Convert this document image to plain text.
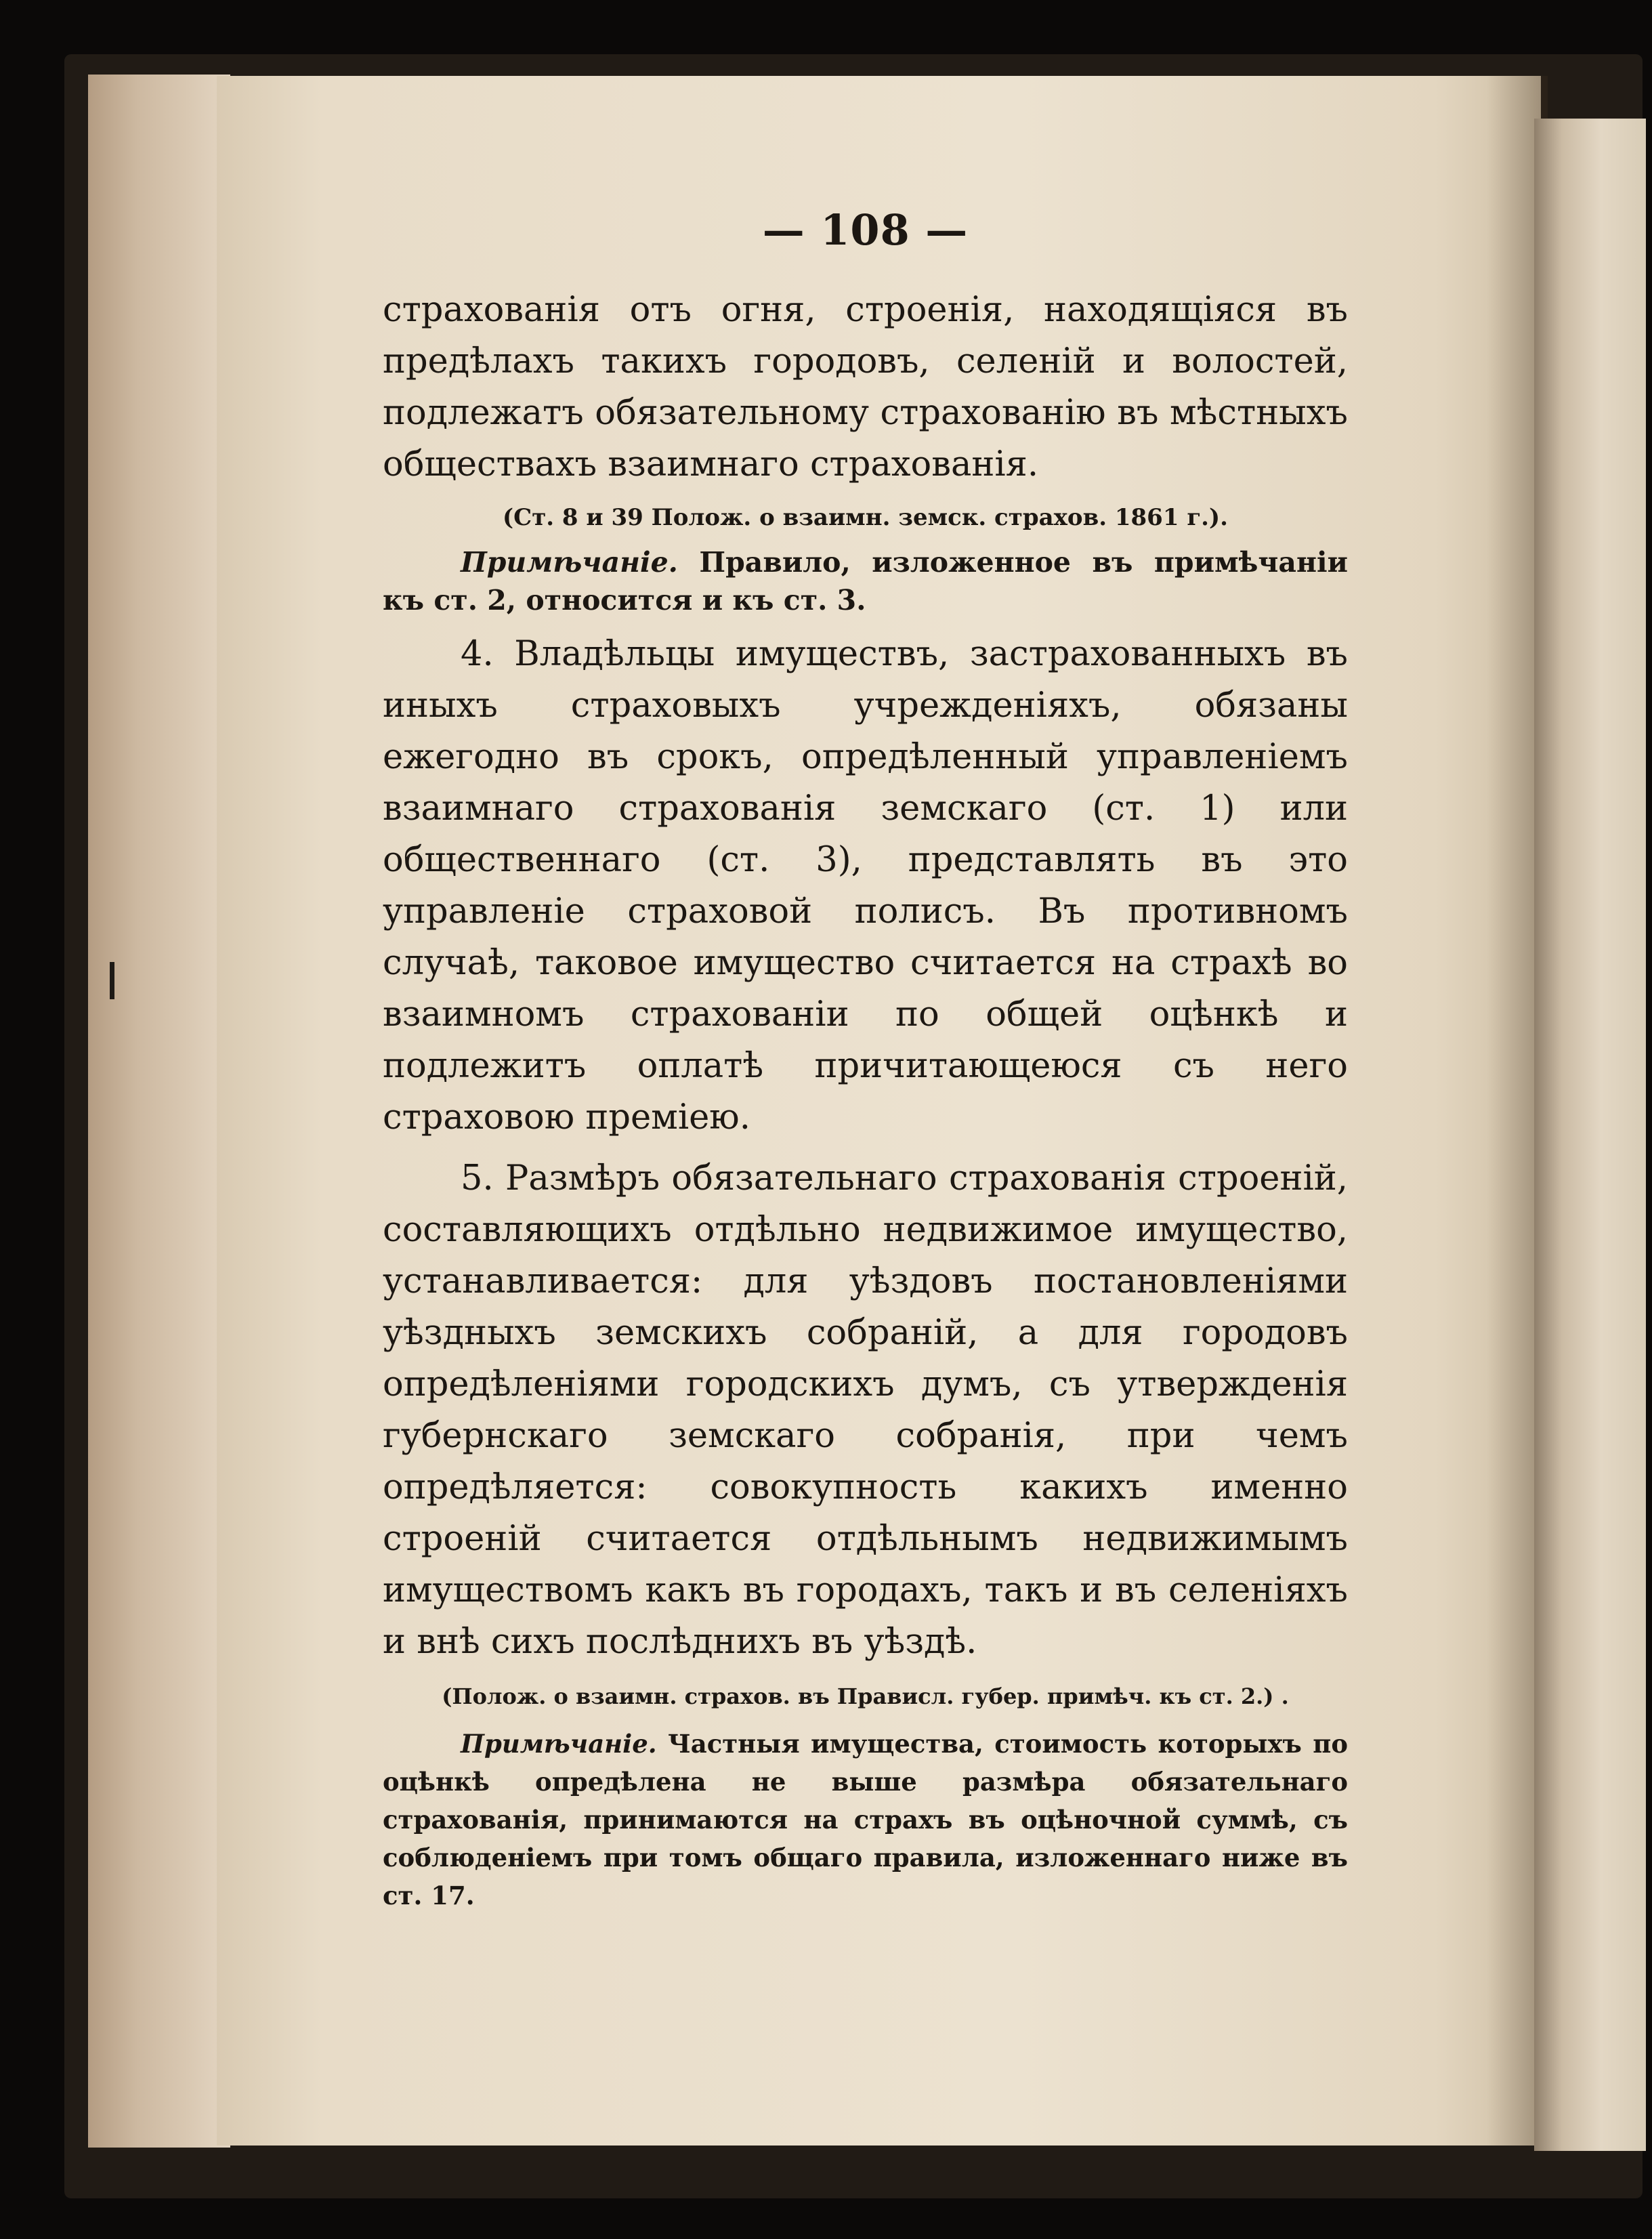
— 108 —

страхованія отъ огня, строенія, находящіяся въ предѣлахъ такихъ городовъ, селеній и волостей, подлежатъ обязательному страхованію въ мѣстныхъ обществахъ взаимнаго страхованія.

(Ст. 8 и 39 Полож. о взаимн. земск. страхов. 1861 г.).

Примѣчаніе. Правило, изложенное въ примѣчаніи къ ст. 2, относится и къ ст. 3.

4. Владѣльцы имуществъ, застрахованныхъ въ иныхъ страховыхъ учрежденіяхъ, обязаны ежегодно въ срокъ, опредѣленный управленіемъ взаимнаго страхованія земскаго (ст. 1) или общественнаго (ст. 3), представлять въ это управленіе страховой полисъ. Въ противномъ случаѣ, таковое имущество считается на страхѣ во взаимномъ страхованіи по общей оцѣнкѣ и подлежитъ оплатѣ причитающеюся съ него страховою преміею.

5. Размѣръ обязательнаго страхованія строеній, составляющихъ отдѣльно недвижимое имущество, устанавливается: для уѣздовъ постановленіями уѣздныхъ земскихъ собраній, а для городовъ опредѣленіями городскихъ думъ, съ утвержденія губернскаго земскаго собранія, при чемъ опредѣляется: совокупность какихъ именно строеній считается отдѣльнымъ недвижимымъ имуществомъ какъ въ городахъ, такъ и въ селеніяхъ и внѣ сихъ послѣднихъ въ уѣздѣ.

(Полож. о взаимн. страхов. въ Прависл. губер. примѣч. къ ст. 2.) .

Примѣчаніе. Частныя имущества, стоимость которыхъ по оцѣнкѣ опредѣлена не выше размѣра обязательнаго страхованія, принимаются на страхъ въ оцѣночной суммѣ, съ соблюденіемъ при томъ общаго правила, изложеннаго ниже въ ст. 17.
